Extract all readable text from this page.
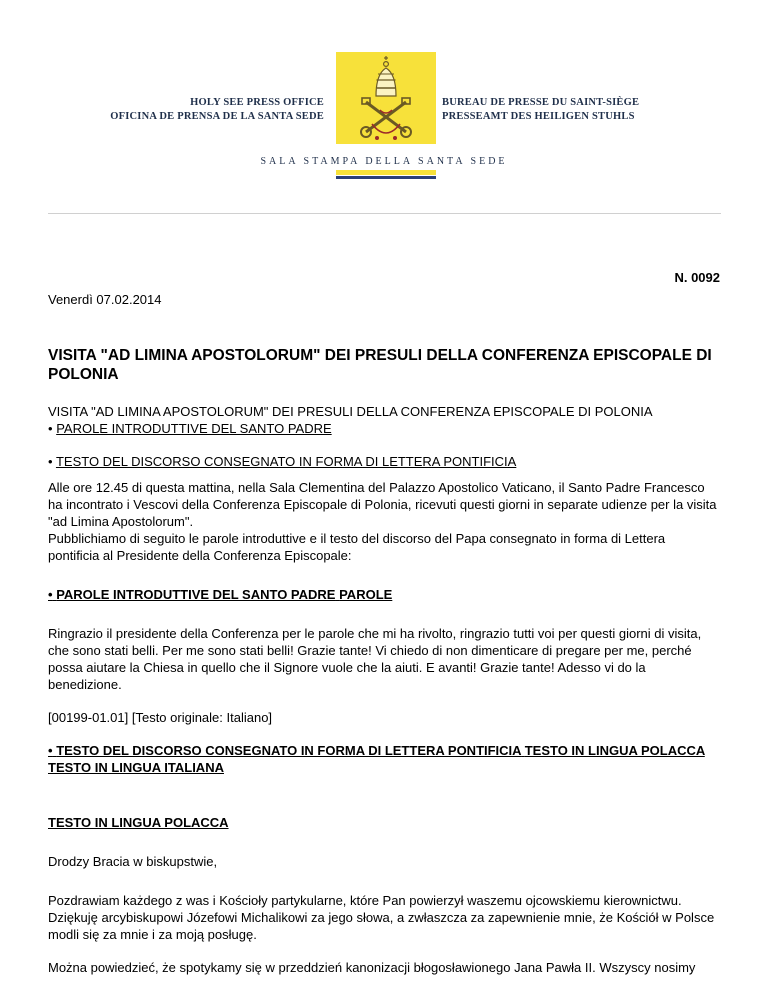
HOLY SEE PRESS OFFICE
OFICINA DE PRENSA DE LA SANTA SEDE
BUREAU DE PRESSE DU SAINT-SIÈGE
PRESSEAMT DES HEILIGEN STUHLS
SALA STAMPA DELLA SANTA SEDE
N. 0092
Venerdì 07.02.2014
VISITA "AD LIMINA APOSTOLORUM" DEI PRESULI DELLA CONFERENZA EPISCOPALE DI POLONIA

VISITA "AD LIMINA APOSTOLORUM" DEI PRESULI DELLA CONFERENZA EPISCOPALE DI POLONIA

• PAROLE INTRODUTTIVE DEL SANTO PADRE

• TESTO DEL DISCORSO CONSEGNATO IN FORMA DI LETTERA PONTIFICIA

Alle ore 12.45 di questa mattina, nella Sala Clementina del Palazzo Apostolico Vaticano, il Santo Padre Francesco ha incontrato i Vescovi della Conferenza Episcopale di Polonia, ricevuti questi giorni in separate udienze per la visita "ad Limina Apostolorum".

Pubblichiamo di seguito le parole introduttive e il testo del discorso del Papa consegnato in forma di Lettera pontificia al Presidente della Conferenza Episcopale:

• PAROLE INTRODUTTIVE DEL SANTO PADRE PAROLE

Ringrazio il presidente della Conferenza per le parole che mi ha rivolto, ringrazio tutti voi per questi giorni di visita, che sono stati belli. Per me sono stati belli! Grazie tante! Vi chiedo di non dimenticare di pregare per me, perché possa aiutare la Chiesa in quello che il Signore vuole che la aiuti. E avanti! Grazie tante! Adesso vi do la benedizione.

[00199-01.01] [Testo originale: Italiano]

• TESTO DEL DISCORSO CONSEGNATO IN FORMA DI LETTERA PONTIFICIA TESTO IN LINGUA POLACCA TESTO IN LINGUA ITALIANA

TESTO IN LINGUA POLACCA

Drodzy Bracia w biskupstwie,

Pozdrawiam każdego z was i Kościoły partykularne, które Pan powierzył waszemu ojcowskiemu kierownictwu. Dziękuję arcybiskupowi Józefowi Michalikowi za jego słowa, a zwłaszcza za zapewnienie mnie, że Kościół w Polsce modli się za mnie i za moją posługę.

Można powiedzieć, że spotykamy się w przeddzień kanonizacji błogosławionego Jana Pawła II. Wszyscy nosimy
